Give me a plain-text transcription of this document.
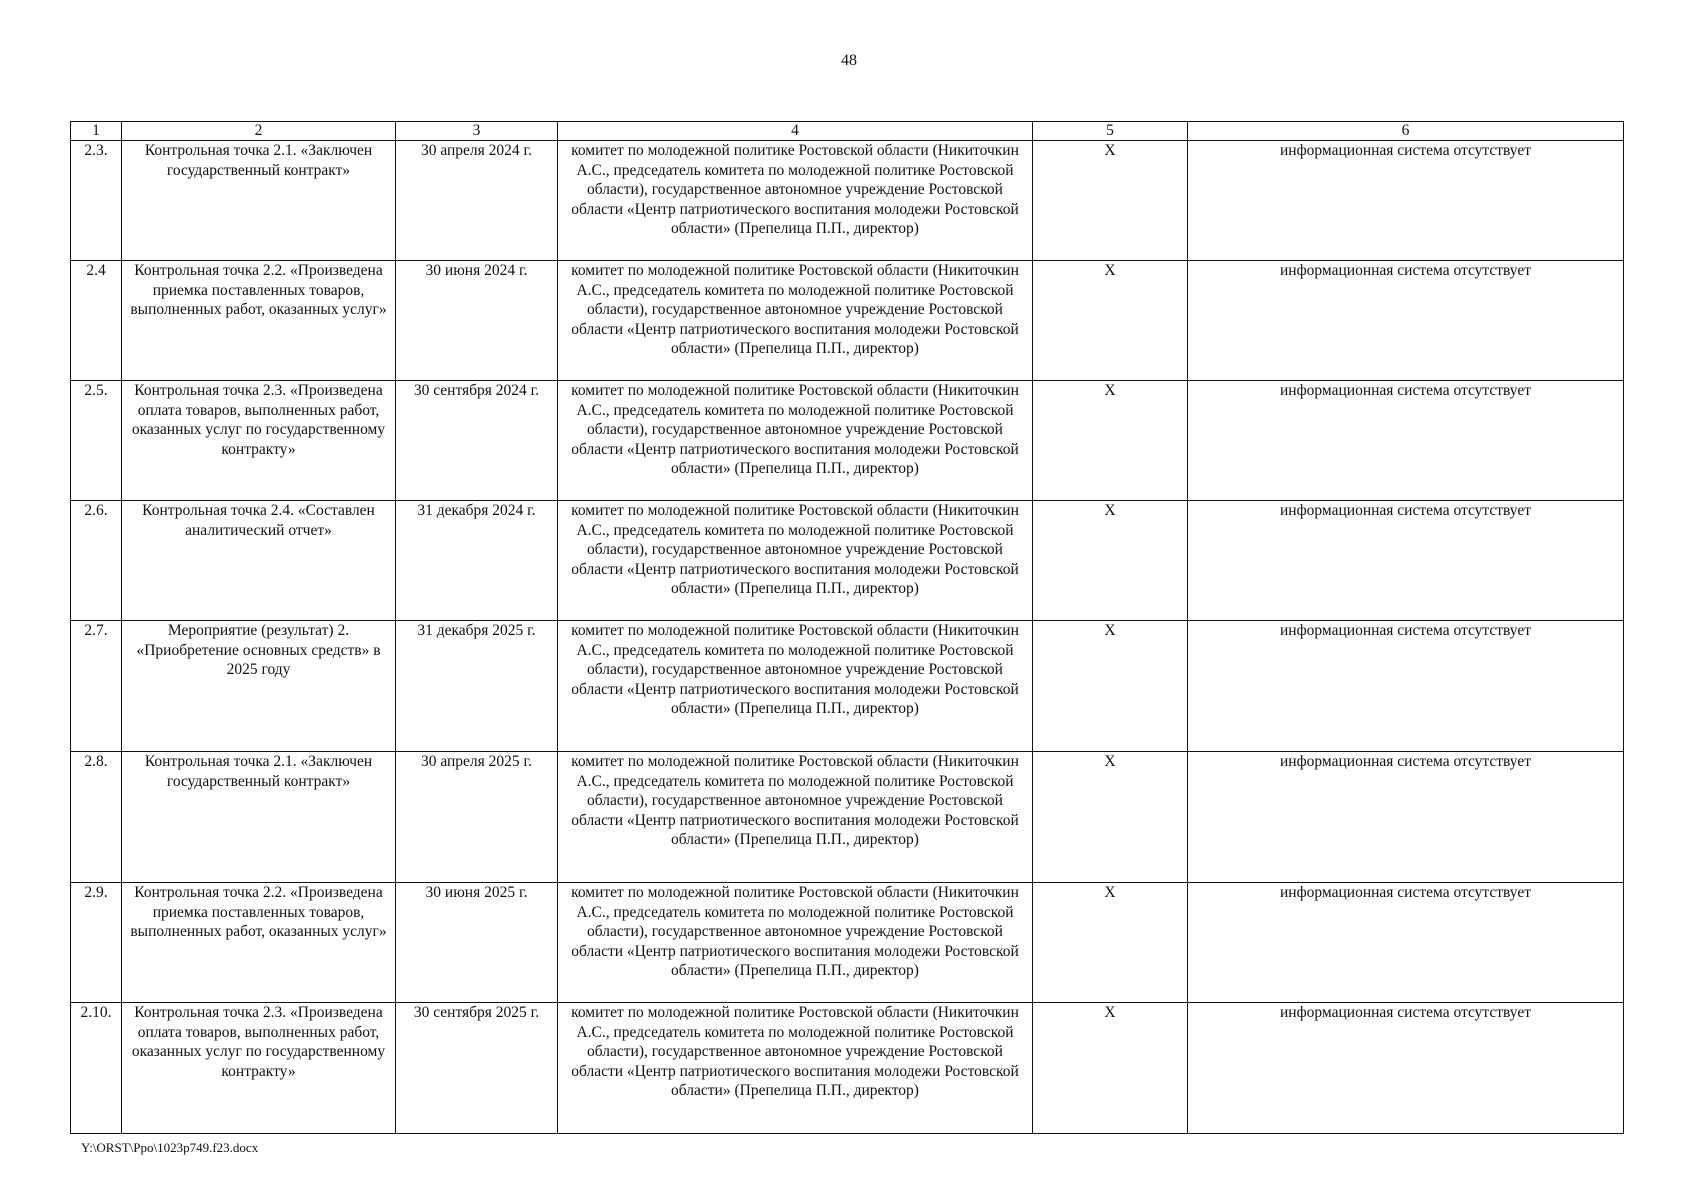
48
1	2	3	4	5	6
2.3.	Контрольная точка 2.1. «Заключен государственный контракт»	30 апреля 2024 г.	комитет по молодежной политике Ростовской области (Никиточкин А.С., председатель комитета по молодежной политике Ростовской области), государственное автономное учреждение Ростовской области «Центр патриотического воспитания молодежи Ростовской области» (Препелица П.П., директор)	X	информационная система отсутствует
2.4	Контрольная точка 2.2. «Произведена приемка поставленных товаров, выполненных работ, оказанных услуг»	30 июня 2024 г.	комитет по молодежной политике Ростовской области (Никиточкин А.С., председатель комитета по молодежной политике Ростовской области), государственное автономное учреждение Ростовской области «Центр патриотического воспитания молодежи Ростовской области» (Препелица П.П., директор)	X	информационная система отсутствует
2.5.	Контрольная точка 2.3. «Произведена оплата товаров, выполненных работ, оказанных услуг по государственному контракту»	30 сентября 2024 г.	комитет по молодежной политике Ростовской области (Никиточкин А.С., председатель комитета по молодежной политике Ростовской области), государственное автономное учреждение Ростовской области «Центр патриотического воспитания молодежи Ростовской области» (Препелица П.П., директор)	X	информационная система отсутствует
2.6.	Контрольная точка 2.4. «Составлен аналитический отчет»	31 декабря 2024 г.	комитет по молодежной политике Ростовской области (Никиточкин А.С., председатель комитета по молодежной политике Ростовской области), государственное автономное учреждение Ростовской области «Центр патриотического воспитания молодежи Ростовской области» (Препелица П.П., директор)	X	информационная система отсутствует
2.7.	Мероприятие (результат) 2. «Приобретение основных средств» в 2025 году	31 декабря 2025 г.	комитет по молодежной политике Ростовской области (Никиточкин А.С., председатель комитета по молодежной политике Ростовской области), государственное автономное учреждение Ростовской области «Центр патриотического воспитания молодежи Ростовской области» (Препелица П.П., директор)	X	информационная система отсутствует
2.8.	Контрольная точка 2.1. «Заключен государственный контракт»	30 апреля 2025 г.	комитет по молодежной политике Ростовской области (Никиточкин А.С., председатель комитета по молодежной политике Ростовской области), государственное автономное учреждение Ростовской области «Центр патриотического воспитания молодежи Ростовской области» (Препелица П.П., директор)	X	информационная система отсутствует
2.9.	Контрольная точка 2.2. «Произведена приемка поставленных товаров, выполненных работ, оказанных услуг»	30 июня 2025 г.	комитет по молодежной политике Ростовской области (Никиточкин А.С., председатель комитета по молодежной политике Ростовской области), государственное автономное учреждение Ростовской области «Центр патриотического воспитания молодежи Ростовской области» (Препелица П.П., директор)	X	информационная система отсутствует
2.10.	Контрольная точка 2.3. «Произведена оплата товаров, выполненных работ, оказанных услуг по государственному контракту»	30 сентября 2025 г.	комитет по молодежной политике Ростовской области (Никиточкин А.С., председатель комитета по молодежной политике Ростовской области), государственное автономное учреждение Ростовской области «Центр патриотического воспитания молодежи Ростовской области» (Препелица П.П., директор)	X	информационная система отсутствует
Y:\ORST\Ppo\1023p749.f23.docx
